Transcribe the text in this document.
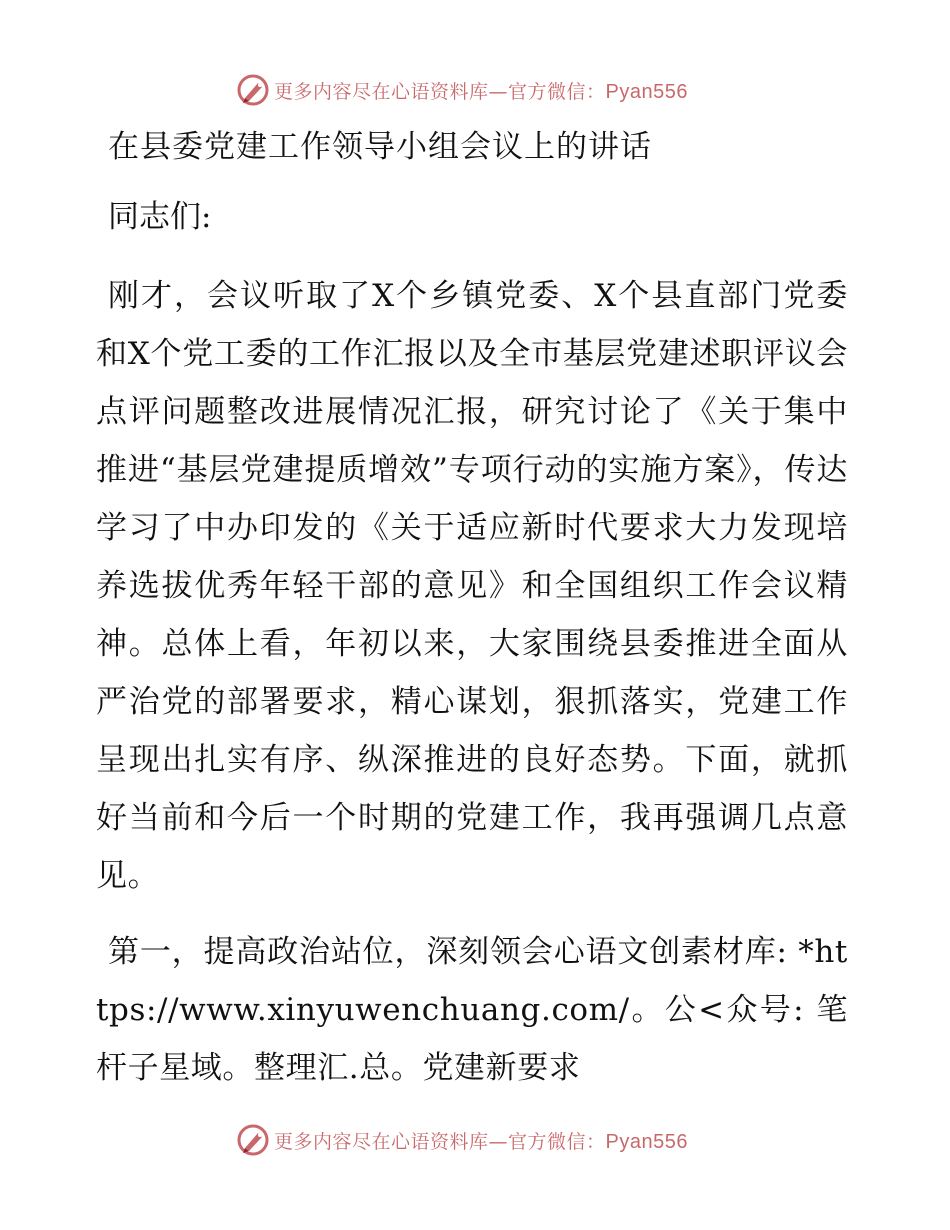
更多内容尽在心语资料库—官方微信：Pyan556
在县委党建工作领导小组会议上的讲话

同志们:

刚才，会议听取了X个乡镇党委、X个县直部门党委和X个党工委的工作汇报以及全市基层党建述职评议会点评问题整改进展情况汇报，研究讨论了《关于集中推进“基层党建提质增效”专项行动的实施方案》，传达学习了中办印发的《关于适应新时代要求大力发现培养选拔优秀年轻干部的意见》和全国组织工作会议精神。总体上看，年初以来，大家围绕县委推进全面从严治党的部署要求，精心谋划，狠抓落实，党建工作呈现出扎实有序、纵深推进的良好态势。下面，就抓好当前和今后一个时期的党建工作，我再强调几点意见。

第一，提高政治站位，深刻领会心语文创素材库: *https://www.xinyuwenchuang.com/。公<众号: 笔杆子星域。整理汇.总。党建新要求

更多内容尽在心语资料库—官方微信：Pyan556
